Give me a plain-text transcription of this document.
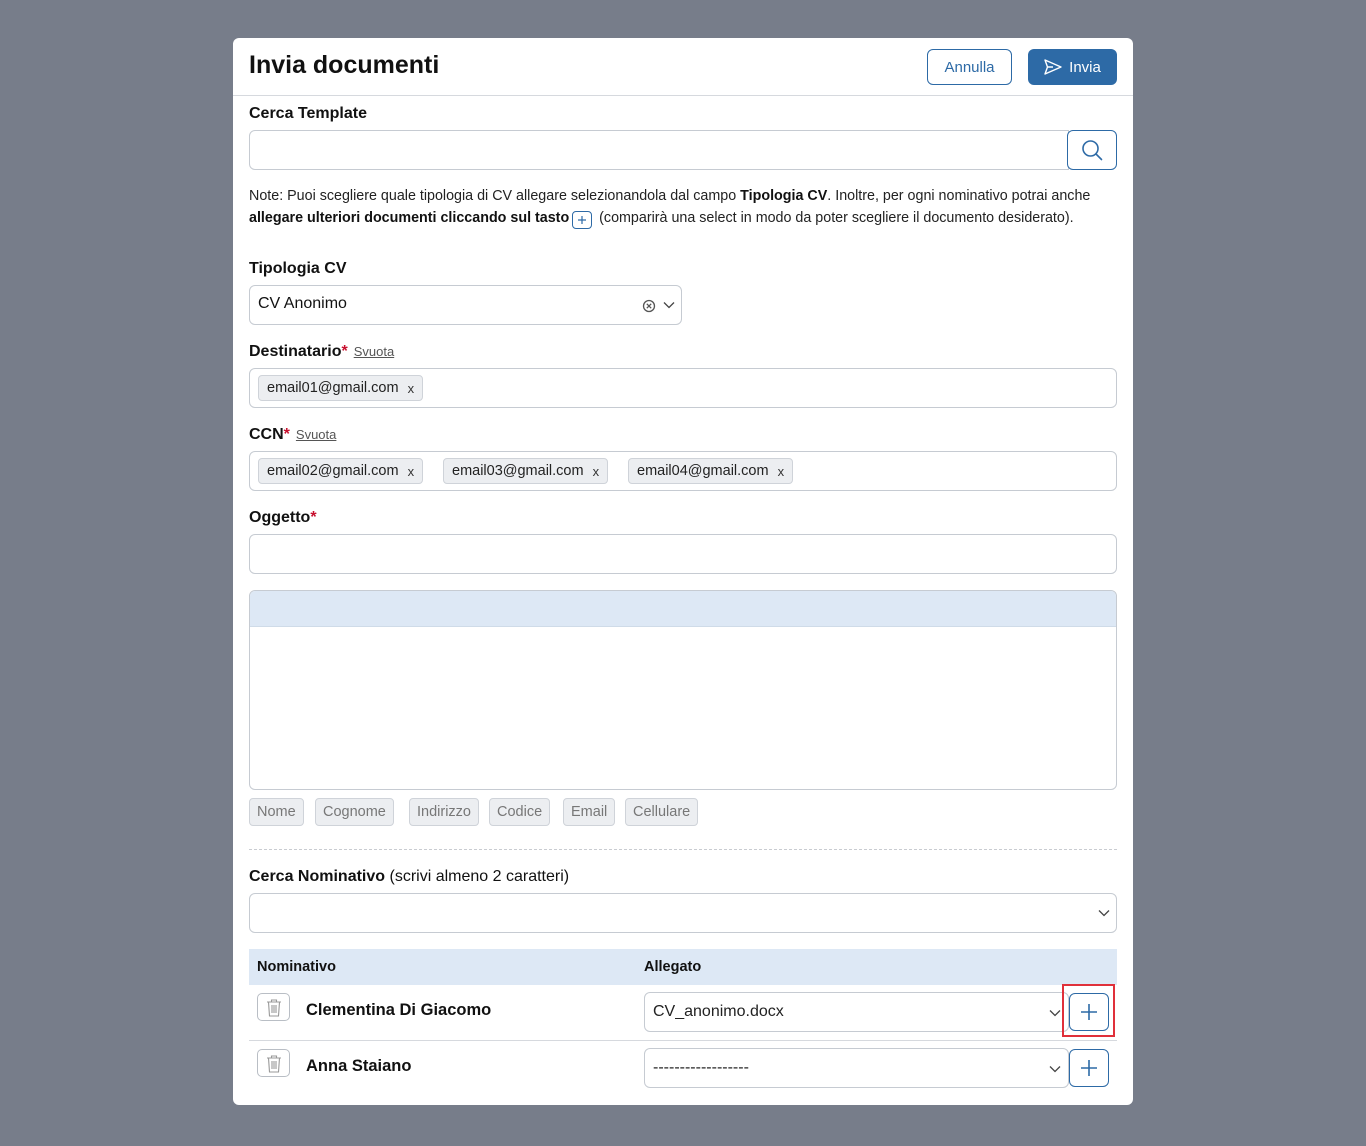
Invia documenti	Annulla	Invia
Cerca Template
Note: Puoi scegliere quale tipologia di CV allegare selezionandola dal campo Tipologia CV. Inoltre, per ogni nominativo potrai anche allegare ulteriori documenti cliccando sul tasto
(comparirà una select in modo da poter scegliere il documento desiderato).
Tipologia CV
CV Anonimo
Destinatario* Svuota
email01@gmail.com x
CCN* Svuota
email02@gmail.com x	email03@gmail.com x	email04@gmail.com x
Oggetto*
Nome	Cognome	Indirizzo	Codice	Email	Cellulare
Cerca Nominativo (scrivi almeno 2 caratteri)
Nominativo	Allegato
Clementina Di Giacomo	CV_anonimo.docx
Anna Staiano	------------------
